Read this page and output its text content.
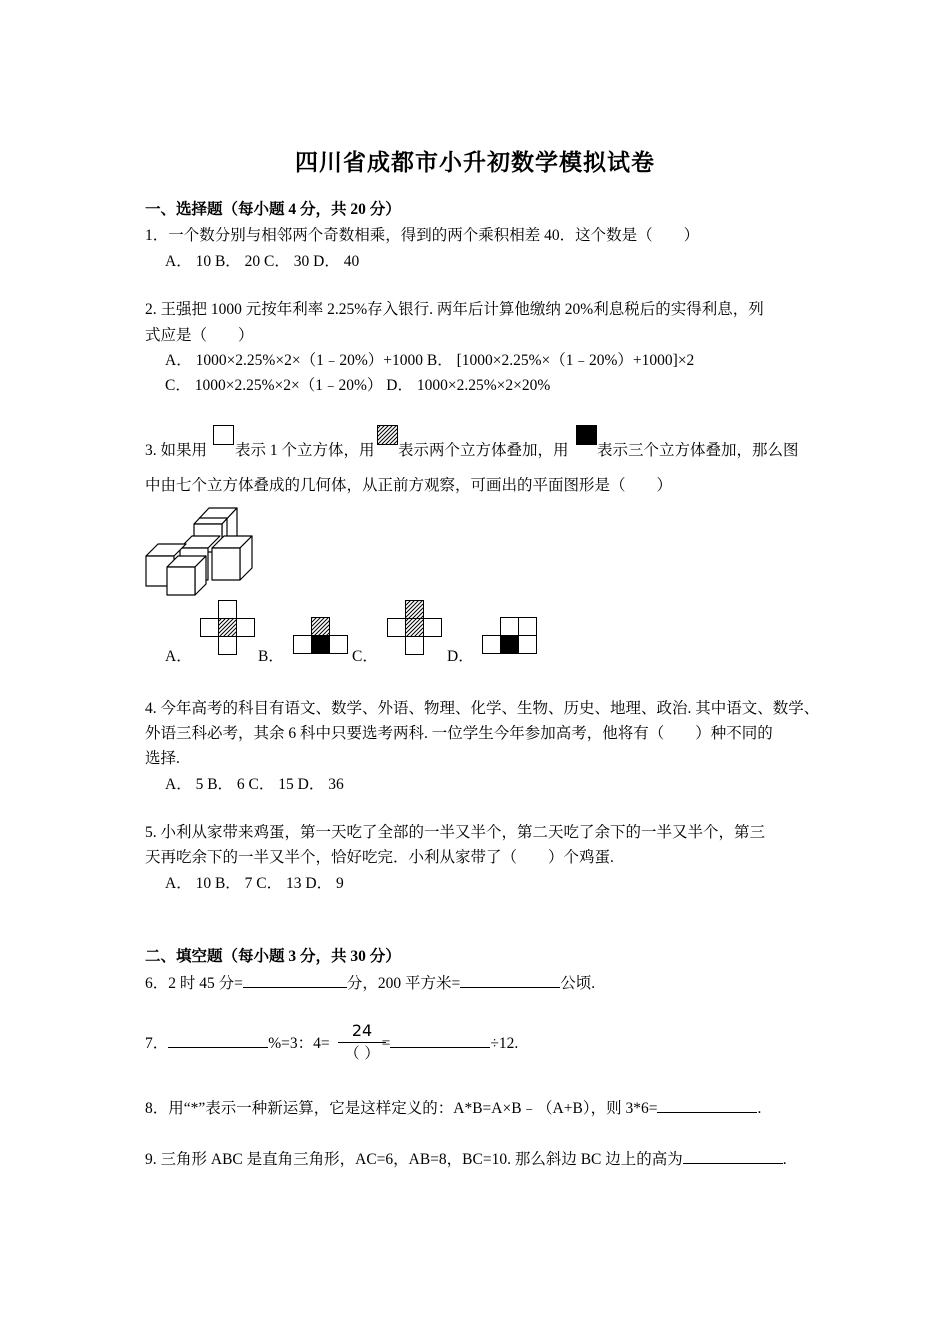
四川省成都市小升初数学模拟试卷
一、选择题（每小题 4 分，共 20 分）
1．一个数分别与相邻两个奇数相乘，得到的两个乘积相差 40．这个数是（　　）
A． 10 B． 20 C． 30 D． 40
2. 王强把 1000 元按年利率 2.25%存入银行. 两年后计算他缴纳 20%利息税后的实得利息，列
式应是（　　）
A． 1000×2.25%×2×（1﹣20%）+1000 B． [1000×2.25%×（1﹣20%）+1000]×2
C． 1000×2.25%×2×（1﹣20%） D． 1000×2.25%×2×20%
3. 如果用 表示 1 个立方体，用 表示两个立方体叠加，用 表示三个立方体叠加，那么图
中由七个立方体叠成的几何体，从正前方观察，可画出的平面图形是（　　）
A．	B．	C．	D．
4. 今年高考的科目有语文、数学、外语、物理、化学、生物、历史、地理、政治. 其中语文、数学、
外语三科必考，其余 6 科中只要选考两科. 一位学生今年参加高考，他将有（　　）种不同的
选择.
A． 5 B． 6 C． 15 D． 36
5. 小利从家带来鸡蛋，第一天吃了全部的一半又半个，第二天吃了余下的一半又半个，第三
天再吃余下的一半又半个，恰好吃完．小利从家带了（　　）个鸡蛋.
A． 10 B． 7 C． 13 D． 9
二、填空题（每小题 3 分，共 30 分）
6．2 时 45 分=	分，200 平方米=	公顷.
7．	%=3：4=	=	÷12.
24
（ ）
8．用“*”表示一种新运算，它是这样定义的：A*B=A×B﹣（A+B），则 3*6=	.
9. 三角形 ABC 是直角三角形，AC=6，AB=8，BC=10. 那么斜边 BC 边上的高为	.
